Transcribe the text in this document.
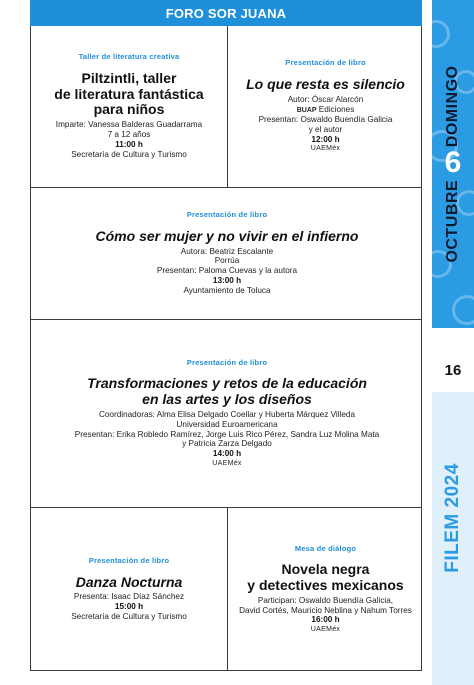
FORO SOR JUANA
Taller de literatura creativa
Piltzintli, taller
de literatura fantástica
para niños
Imparte: Vanessa Balderas Guadarrama
7 a 12 años
11:00 h
Secretaría de Cultura y Turismo
Presentación de libro
Lo que resta es silencio
Autor: Óscar Alarcón
BUAP Ediciones
Presentan: Oswaldo Buendía Galicia
y el autor
12:00 h
UAEMéx
Presentación de libro
Cómo ser mujer y no vivir en el infierno
Autora: Beatriz Escalante
Porrúa
Presentan: Paloma Cuevas y la autora
13:00 h
Ayuntamiento de Toluca
Presentación de libro
Transformaciones y retos de la educación
en las artes y los diseños
Coordinadoras: Alma Elisa Delgado Coellar y Huberta Márquez Villeda
Universidad Euroamericana
Presentan: Erika Robledo Ramírez, Jorge Luis Rico Pérez, Sandra Luz Molina Mata
y Patricia Zarza Delgado
14:00 h
UAEMéx
Presentación de libro
Danza Nocturna
Presenta: Isaac Díaz Sánchez
15:00 h
Secretaría de Cultura y Turismo
Mesa de diálogo
Novela negra
y detectives mexicanos
Participan: Oswaldo Buendía Galicia,
David Cortés, Mauricio Neblina y Nahum Torres
16:00 h
UAEMéx
OCTUBRE
6
DOMINGO
16
FILEM 2024
